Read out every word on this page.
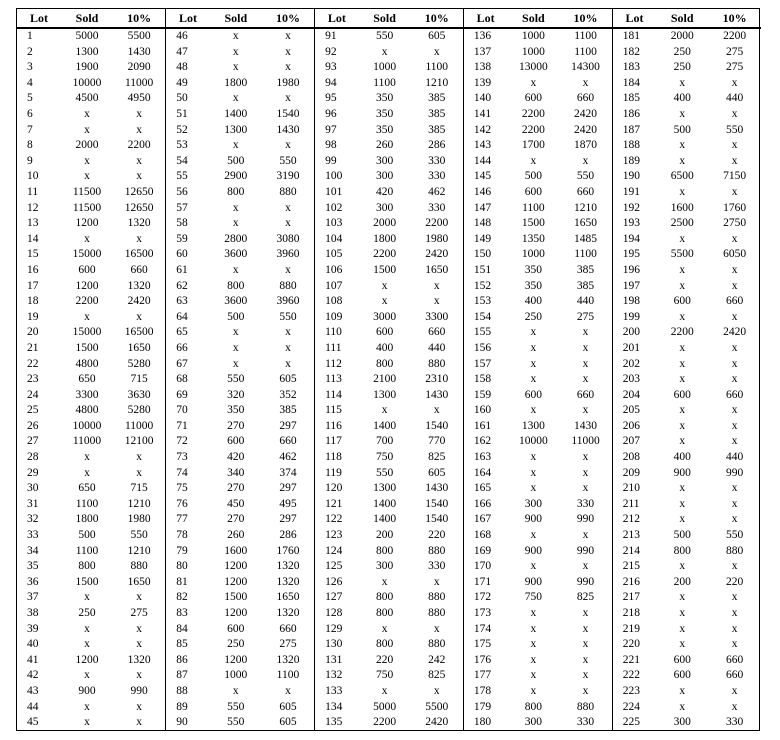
Lot	Sold	10%	Lot	Sold	10%	Lot	Sold	10%	Lot	Sold	10%	Lot	Sold	10%
1	5000	5500	46	x	x	91	550	605	136	1000	1100	181	2000	2200
2	1300	1430	47	x	x	92	x	x	137	1000	1100	182	250	275
3	1900	2090	48	x	x	93	1000	1100	138	13000	14300	183	250	275
4	10000	11000	49	1800	1980	94	1100	1210	139	x	x	184	x	x
5	4500	4950	50	x	x	95	350	385	140	600	660	185	400	440
6	x	x	51	1400	1540	96	350	385	141	2200	2420	186	x	x
7	x	x	52	1300	1430	97	350	385	142	2200	2420	187	500	550
8	2000	2200	53	x	x	98	260	286	143	1700	1870	188	x	x
9	x	x	54	500	550	99	300	330	144	x	x	189	x	x
10	x	x	55	2900	3190	100	300	330	145	500	550	190	6500	7150
11	11500	12650	56	800	880	101	420	462	146	600	660	191	x	x
12	11500	12650	57	x	x	102	300	330	147	1100	1210	192	1600	1760
13	1200	1320	58	x	x	103	2000	2200	148	1500	1650	193	2500	2750
14	x	x	59	2800	3080	104	1800	1980	149	1350	1485	194	x	x
15	15000	16500	60	3600	3960	105	2200	2420	150	1000	1100	195	5500	6050
16	600	660	61	x	x	106	1500	1650	151	350	385	196	x	x
17	1200	1320	62	800	880	107	x	x	152	350	385	197	x	x
18	2200	2420	63	3600	3960	108	x	x	153	400	440	198	600	660
19	x	x	64	500	550	109	3000	3300	154	250	275	199	x	x
20	15000	16500	65	x	x	110	600	660	155	x	x	200	2200	2420
21	1500	1650	66	x	x	111	400	440	156	x	x	201	x	x
22	4800	5280	67	x	x	112	800	880	157	x	x	202	x	x
23	650	715	68	550	605	113	2100	2310	158	x	x	203	x	x
24	3300	3630	69	320	352	114	1300	1430	159	600	660	204	600	660
25	4800	5280	70	350	385	115	x	x	160	x	x	205	x	x
26	10000	11000	71	270	297	116	1400	1540	161	1300	1430	206	x	x
27	11000	12100	72	600	660	117	700	770	162	10000	11000	207	x	x
28	x	x	73	420	462	118	750	825	163	x	x	208	400	440
29	x	x	74	340	374	119	550	605	164	x	x	209	900	990
30	650	715	75	270	297	120	1300	1430	165	x	x	210	x	x
31	1100	1210	76	450	495	121	1400	1540	166	300	330	211	x	x
32	1800	1980	77	270	297	122	1400	1540	167	900	990	212	x	x
33	500	550	78	260	286	123	200	220	168	x	x	213	500	550
34	1100	1210	79	1600	1760	124	800	880	169	900	990	214	800	880
35	800	880	80	1200	1320	125	300	330	170	x	x	215	x	x
36	1500	1650	81	1200	1320	126	x	x	171	900	990	216	200	220
37	x	x	82	1500	1650	127	800	880	172	750	825	217	x	x
38	250	275	83	1200	1320	128	800	880	173	x	x	218	x	x
39	x	x	84	600	660	129	x	x	174	x	x	219	x	x
40	x	x	85	250	275	130	800	880	175	x	x	220	x	x
41	1200	1320	86	1200	1320	131	220	242	176	x	x	221	600	660
42	x	x	87	1000	1100	132	750	825	177	x	x	222	600	660
43	900	990	88	x	x	133	x	x	178	x	x	223	x	x
44	x	x	89	550	605	134	5000	5500	179	800	880	224	x	x
45	x	x	90	550	605	135	2200	2420	180	300	330	225	300	330
